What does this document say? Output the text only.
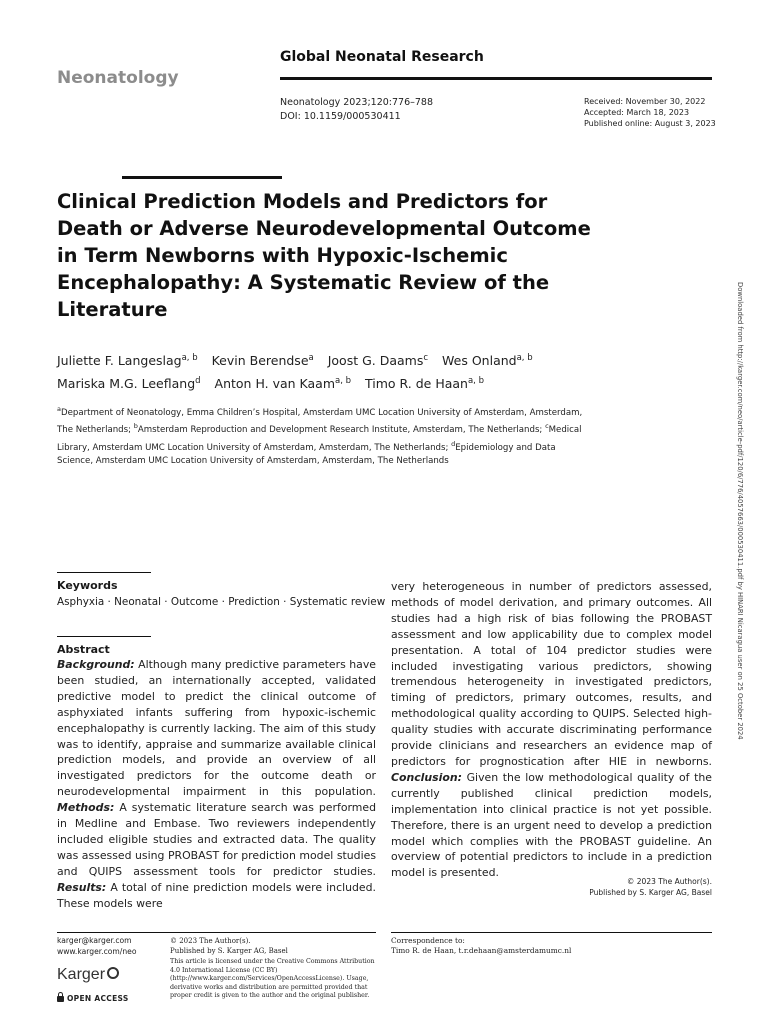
Neonatology
Global Neonatal Research
Neonatology 2023;120:776–788
DOI: 10.1159/000530411
Received: November 30, 2022
Accepted: March 18, 2023
Published online: August 3, 2023
Clinical Prediction Models and Predictors for Death or Adverse Neurodevelopmental Outcome in Term Newborns with Hypoxic-Ischemic Encephalopathy: A Systematic Review of the Literature
Juliette F. Langeslag$^{a, b}$ Kevin Berendse$^a$ Joost G. Daams$^c$ Wes Onland$^{a, b}$
Mariska M.G. Leeflang$^d$ Anton H. van Kaam$^{a, b}$ Timo R. de Haan$^{a, b}$
$^a$Department of Neonatology, Emma Children’s Hospital, Amsterdam UMC Location University of Amsterdam, Amsterdam, The Netherlands; $^b$Amsterdam Reproduction and Development Research Institute, Amsterdam, The Netherlands; $^c$Medical Library, Amsterdam UMC Location University of Amsterdam, Amsterdam, The Netherlands; $^d$Epidemiology and Data Science, Amsterdam UMC Location University of Amsterdam, Amsterdam, The Netherlands	Downloaded from http://karger.com/neo/article-pdf/120/6/776/4057663/000530411.pdf by HINARI Nicaragua user on 25 October 2024
Keywords
Asphyxia · Neonatal · Outcome · Prediction · Systematic review
Abstract
Background: Although many predictive parameters have been studied, an internationally accepted, validated predictive model to predict the clinical outcome of asphyxiated infants suffering from hypoxic-ischemic encephalopathy is currently lacking. The aim of this study was to identify, appraise and summarize available clinical prediction models, and provide an overview of all investigated predictors for the outcome death or neurodevelopmental impairment in this population. Methods: A systematic literature search was performed in Medline and Embase. Two reviewers independently included eligible studies and extracted data. The quality was assessed using PROBAST for prediction model studies and QUIPS assessment tools for predictor studies. Results: A total of nine prediction models were included. These models were
very heterogeneous in number of predictors assessed, methods of model derivation, and primary outcomes. All studies had a high risk of bias following the PROBAST assessment and low applicability due to complex model presentation. A total of 104 predictor studies were included investigating various predictors, showing tremendous heterogeneity in investigated predictors, timing of predictors, primary outcomes, results, and methodological quality according to QUIPS. Selected high-quality studies with accurate discriminating performance provide clinicians and researchers an evidence map of predictors for prognostication after HIE in newborns. Conclusion: Given the low methodological quality of the currently published clinical prediction models, implementation into clinical practice is not yet possible. Therefore, there is an urgent need to develop a prediction model which complies with the PROBAST guideline. An overview of potential predictors to include in a prediction model is presented.
© 2023 The Author(s).
Published by S. Karger AG, Basel
karger@karger.com
www.karger.com/neo
Karger
OPEN ACCESS
© 2023 The Author(s).
Published by S. Karger AG, Basel
This article is licensed under the Creative Commons Attribution 4.0 International License (CC BY) (http://www.karger.com/Services/OpenAccessLicense). Usage, derivative works and distribution are permitted provided that proper credit is given to the author and the original publisher.
Correspondence to:
Timo R. de Haan, t.r.dehaan@amsterdamumc.nl
